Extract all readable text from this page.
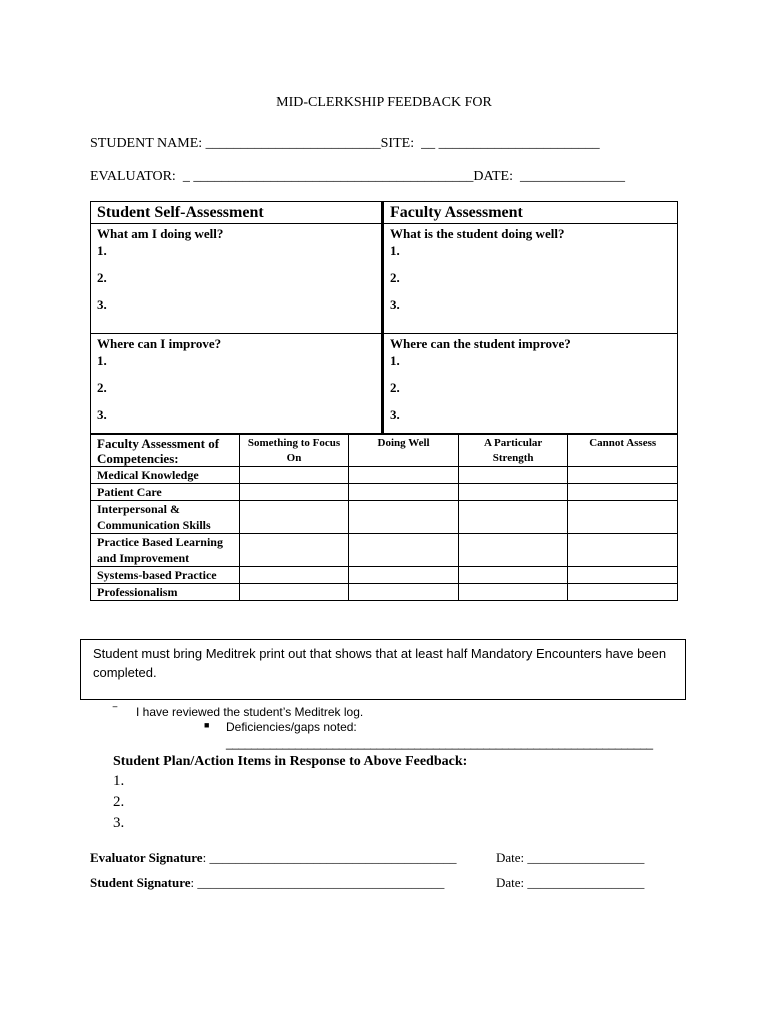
MID-CLERKSHIP FEEDBACK FOR
STUDENT NAME: _________________________SITE: __ _______________________
EVALUATOR: _ ________________________________________DATE: _______________
Student Self-Assessment	Faculty Assessment
What am I doing well?
1.
2.
3.
What is the student doing well?
1.
2.
3.
Where can I improve?
1.
2.
3.
Where can the student improve?
1.
2.
3.
Faculty Assessment of Competencies:	Something to Focus On	Doing Well	A Particular Strength	Cannot Assess
Medical Knowledge				
Patient Care				
Interpersonal & Communication Skills				
Practice Based Learning and Improvement				
Systems-based Practice				
Professionalism				
Student must bring Meditrek print out that shows that at least half Mandatory Encounters have been completed.
‾ I have reviewed the student’s Meditrek log.
■ Deficiencies/gaps noted:
____________________________________________________________________
Student Plan/Action Items in Response to Above Feedback:
1.
2.
3.
Evaluator Signature: ______________________________________	Date: __________________
Student Signature: ______________________________________	Date: __________________
